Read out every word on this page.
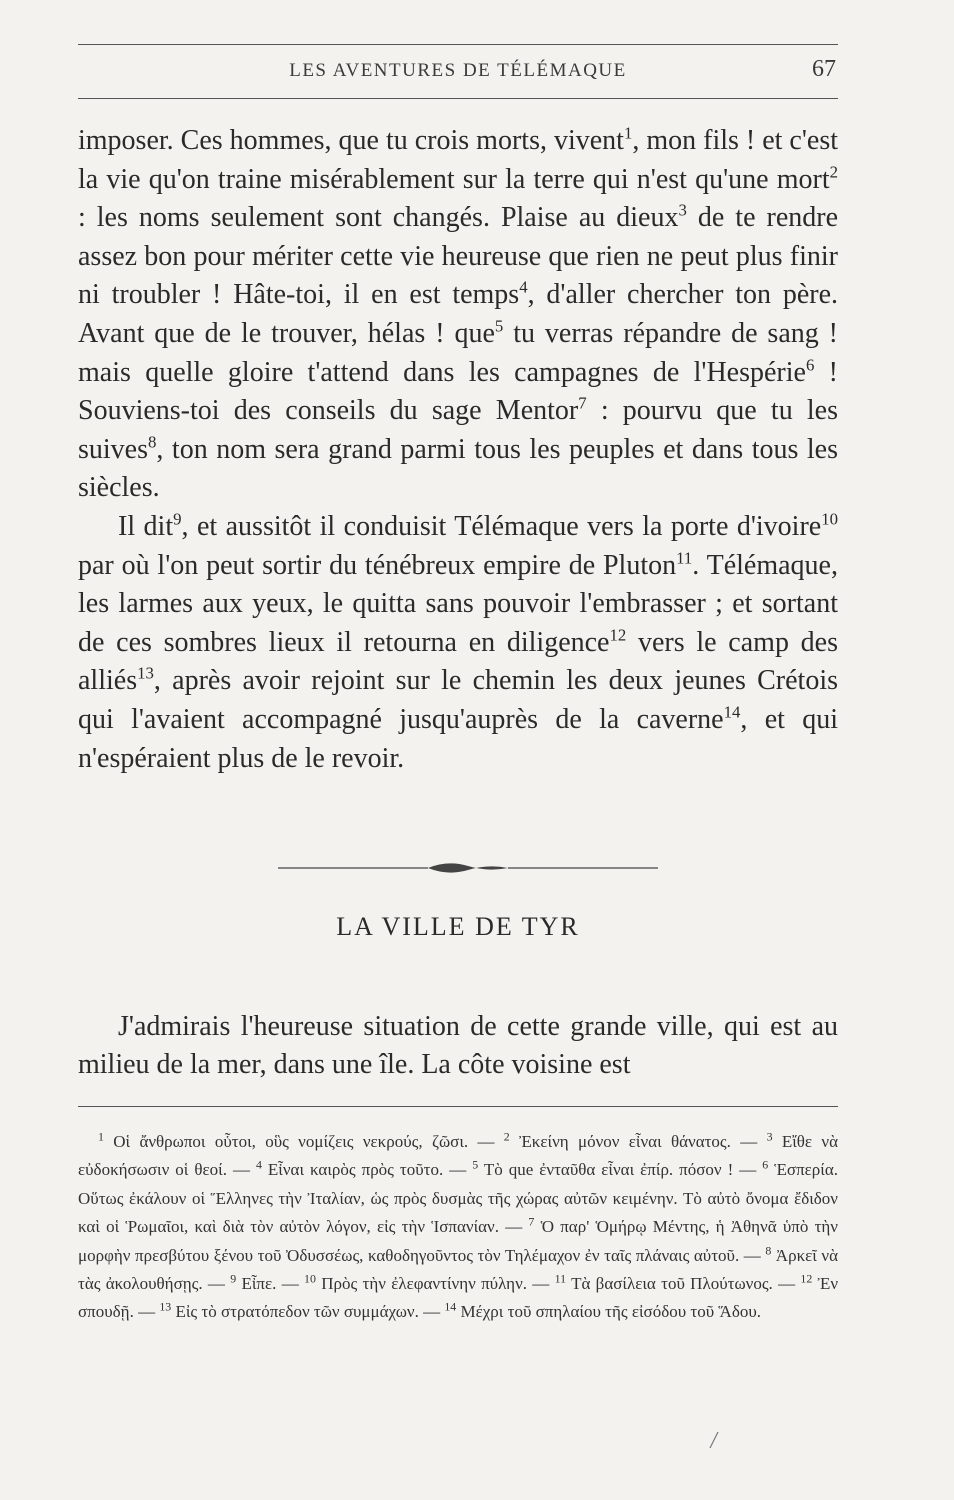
LES AVENTURES DE TÉLÉMAQUE	67

imposer. Ces hommes, que tu crois morts, vivent$^1$, mon fils ! et c'est la vie qu'on traine misérablement sur la terre qui n'est qu'une mort$^2$ : les noms seulement sont changés. Plaise au dieux$^3$ de te rendre assez bon pour mériter cette vie heureuse que rien ne peut plus finir ni troubler ! Hâte-toi, il en est temps$^4$, d'aller chercher ton père. Avant que de le trouver, hélas ! que$^5$ tu verras répandre de sang ! mais quelle gloire t'attend dans les campagnes de l'Hespérie$^6$ ! Souviens-toi des conseils du sage Mentor$^7$ : pourvu que tu les suives$^8$, ton nom sera grand parmi tous les peuples et dans tous les siècles.

Il dit$^9$, et aussitôt il conduisit Télémaque vers la porte d'ivoire$^{10}$ par où l'on peut sortir du ténébreux empire de Pluton$^{11}$. Télémaque, les larmes aux yeux, le quitta sans pouvoir l'embrasser ; et sortant de ces sombres lieux il retourna en diligence$^{12}$ vers le camp des alliés$^{13}$, après avoir rejoint sur le chemin les deux jeunes Crétois qui l'avaient accompagné jusqu'auprès de la caverne$^{14}$, et qui n'espéraient plus de le revoir.

LA VILLE DE TYR

J'admirais l'heureuse situation de cette grande ville, qui est au milieu de la mer, dans une île. La côte voisine est

$^1$ Οἱ ἄνθρωποι οὗτοι, οὓς νομίζεις νεκρούς, ζῶσι. — $^2$ Ἐκείνη μόνον εἶναι θάνατος. — $^3$ Εἴθε νὰ εὐδοκήσωσιν οἱ θεοί. — $^4$ Εἶναι καιρὸς πρὸς τοῦτο. — $^5$ Τὸ que ἐνταῦθα εἶναι ἐπίρ. πόσον ! — $^6$ Ἑσπερία. Οὕτως ἐκάλουν οἱ Ἕλληνες τὴν Ἰταλίαν, ὡς πρὸς δυσμὰς τῆς χώρας αὐτῶν κειμένην. Τὸ αὐτὸ ὄνομα ἔδιδον καὶ οἱ Ῥωμαῖοι, καὶ διὰ τὸν αὐτὸν λόγον, εἰς τὴν Ἱσπανίαν. — $^7$ Ὁ παρ' Ὁμήρῳ Μέντης, ἡ Ἀθηνᾶ ὑπὸ τὴν μορφὴν πρεσβύτου ξένου τοῦ Ὀδυσσέως, καθοδηγοῦντος τὸν Τηλέμαχον ἐν ταῖς πλάναις αὐτοῦ. — $^8$ Ἀρκεῖ νὰ τὰς ἀκολουθήσῃς. — $^9$ Εἶπε. — $^{10}$ Πρὸς τὴν ἐλεφαντίνην πύλην. — $^{11}$ Τὰ βασίλεια τοῦ Πλούτωνος. — $^{12}$ Ἐν σπουδῇ. — $^{13}$ Εἰς τὸ στρατόπεδον τῶν συμμάχων. — $^{14}$ Μέχρι τοῦ σπηλαίου τῆς εἰσόδου τοῦ Ἅδου.
